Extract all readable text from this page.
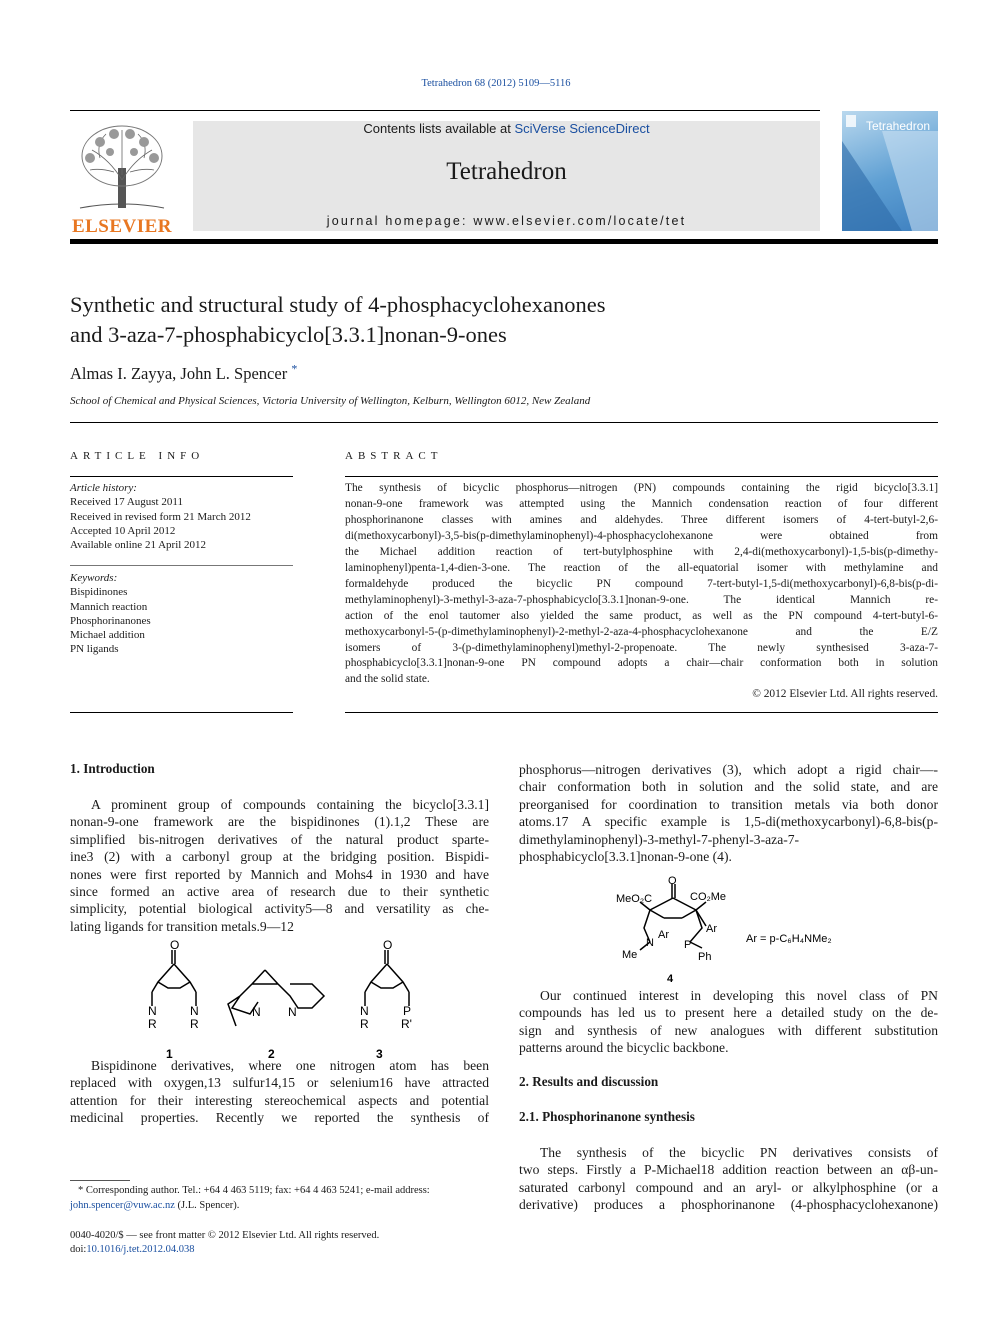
Tetrahedron 68 (2012) 5109—5116
ELSEVIER
Contents lists available at SciVerse ScienceDirect
Tetrahedron
journal homepage: www.elsevier.com/locate/tet
Tetrahedron
Synthetic and structural study of 4-phosphacyclohexanones
and 3-aza-7-phosphabicyclo[3.3.1]nonan-9-ones
Almas I. Zayya, John L. Spencer *
School of Chemical and Physical Sciences, Victoria University of Wellington, Kelburn, Wellington 6012, New Zealand
ARTICLE INFO
Article history:
Received 17 August 2011
Received in revised form 21 March 2012
Accepted 10 April 2012
Available online 21 April 2012
Keywords:
Bispidinones
Mannich reaction
Phosphorinanones
Michael addition
PN ligands
ABSTRACT
The synthesis of bicyclic phosphorus—nitrogen (PN) compounds containing the rigid bicyclo[3.3.1]
nonan-9-one framework was attempted using the Mannich condensation reaction of four different
phosphorinanone classes with amines and aldehydes. Three different isomers of 4-tert-butyl-2,6-
di(methoxycarbonyl)-3,5-bis(p-dimethylaminophenyl)-4-phosphacyclohexanone were obtained from
the Michael addition reaction of tert-butylphosphine with 2,4-di(methoxycarbonyl)-1,5-bis(p-dimethy-
laminophenyl)penta-1,4-dien-3-one. The reaction of the all-equatorial isomer with methylamine and
formaldehyde produced the bicyclic PN compound 7-tert-butyl-1,5-di(methoxycarbonyl)-6,8-bis(p-di-
methylaminophenyl)-3-methyl-3-aza-7-phosphabicyclo[3.3.1]nonan-9-one. The identical Mannich re-
action of the enol tautomer also yielded the same product, as well as the PN compound 4-tert-butyl-6-
methoxycarbonyl-5-(p-dimethylaminophenyl)-2-methyl-2-aza-4-phosphacyclohexanone and the E/Z
isomers of 3-(p-dimethylaminophenyl)methyl-2-propenoate. The newly synthesised 3-aza-7-
phosphabicyclo[3.3.1]nonan-9-one PN compound adopts a chair—chair conformation both in solution
and the solid state.
© 2012 Elsevier Ltd. All rights reserved.
1. Introduction
A prominent group of compounds containing the bicyclo[3.3.1]
nonan-9-one framework are the bispidinones (1).1,2 These are
simplified bis-nitrogen derivatives of the natural product sparte-
ine3 (2) with a carbonyl group at the bridging position. Bispidi-
nones were first reported by Mannich and Mohs4 in 1930 and have
since formed an active area of research due to their synthetic
simplicity, potential biological activity5—8 and versatility as che-
lating ligands for transition metals.9—12
O
N	N
R	R
N N
O
N	P
R	R'
1	2	3
Bispidinone derivatives, where one nitrogen atom has been
replaced with oxygen,13 sulfur14,15 or selenium16 have attracted
attention for their interesting stereochemical aspects and potential
medicinal properties. Recently we reported the synthesis of
* Corresponding author. Tel.: +64 4 463 5119; fax: +64 4 463 5241; e-mail address:
john.spencer@vuw.ac.nz (J.L. Spencer).
0040-4020/$ — see front matter © 2012 Elsevier Ltd. All rights reserved.
doi:10.1016/j.tet.2012.04.038
phosphorus—nitrogen derivatives (3), which adopt a rigid chair—-
chair conformation both in solution and the solid state, and are
preorganised for coordination to transition metals via both donor
atoms.17 A specific example is 1,5-di(methoxycarbonyl)-6,8-bis(p-
dimethylaminophenyl)-3-methyl-7-phenyl-3-aza-7-
phosphabicyclo[3.3.1]nonan-9-one (4).
O
MeO₂C	CO₂Me
Ar	Ar
N	P
Me	Ph
Ar = p-C₆H₄NMe₂
4
Our continued interest in developing this novel class of PN
compounds has led us to present here a detailed study on the de-
sign and synthesis of new analogues with different substitution
patterns around the bicyclic backbone.
2. Results and discussion
2.1. Phosphorinanone synthesis
The synthesis of the bicyclic PN derivatives consists of
two steps. Firstly a P-Michael18 addition reaction between an αβ-un-
saturated carbonyl compound and an aryl- or alkylphosphine (or a
derivative) produces a phosphorinanone (4-phosphacyclohexanone)
